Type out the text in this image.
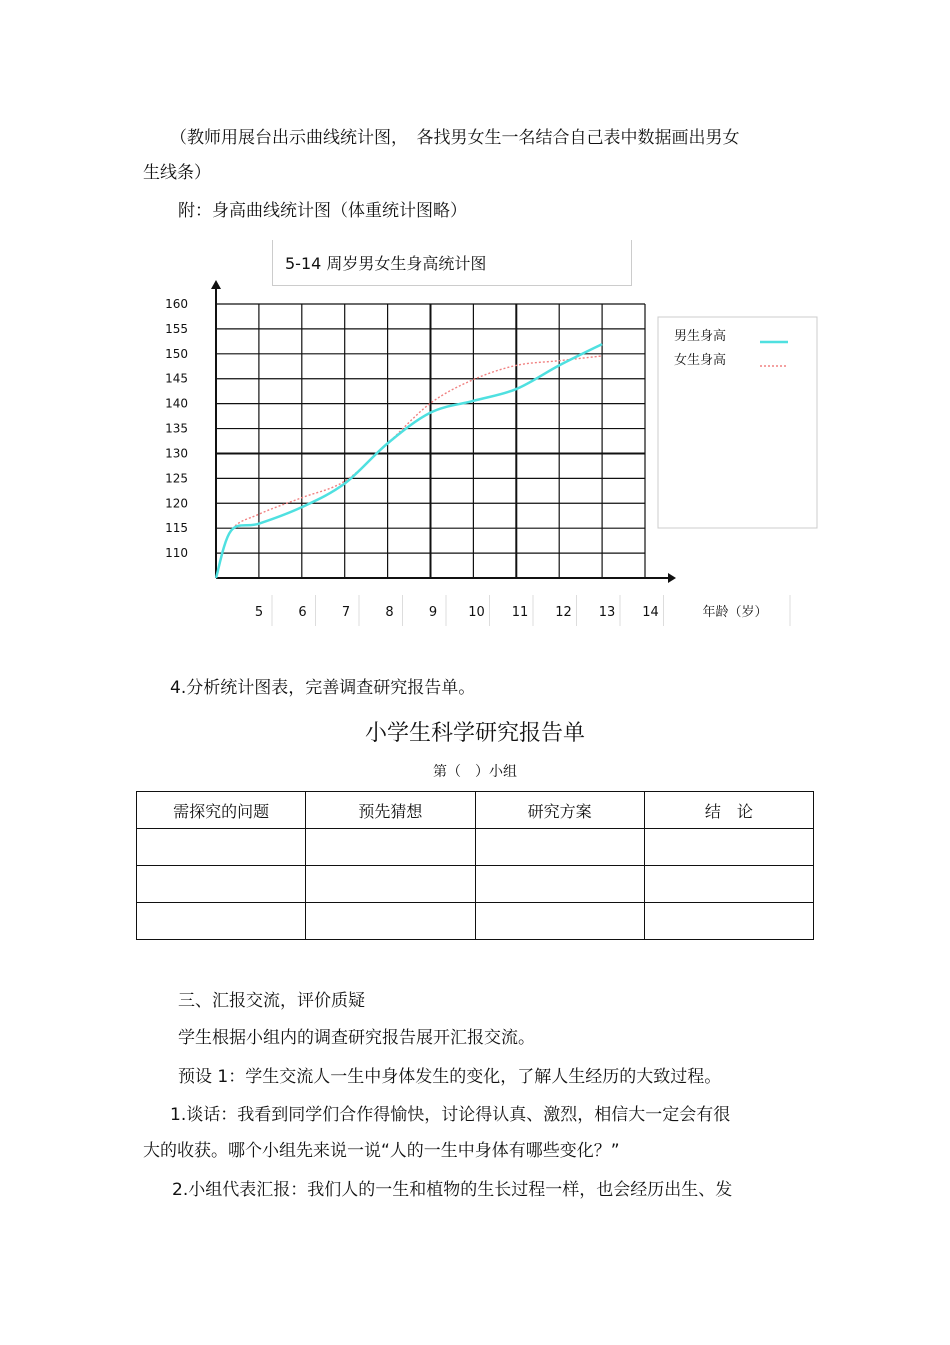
（教师用展台出示曲线统计图，　各找男女生一名结合自己表中数据画出男女
生线条）
附：身高曲线统计图（体重统计图略）
5-14 周岁男女生身高统计图
160
155
150
145
140
135
130
125
120
115
110
5	6	7	8	9 10 11 12 13 14	年龄（岁）
男生身高
女生身高
4.分析统计图表，完善调查研究报告单。
小学生科学研究报告单
第（　）小组
需探究的问题	预先猜想	研究方案	结　论

三、汇报交流，评价质疑
学生根据小组内的调查研究报告展开汇报交流。
预设 1：学生交流人一生中身体发生的变化，了解人生经历的大致过程。
1.谈话：我看到同学们合作得愉快，讨论得认真、激烈，相信大一定会有很
大的收获。哪个小组先来说一说“人的一生中身体有哪些变化？”
2.小组代表汇报：我们人的一生和植物的生长过程一样，也会经历出生、发
